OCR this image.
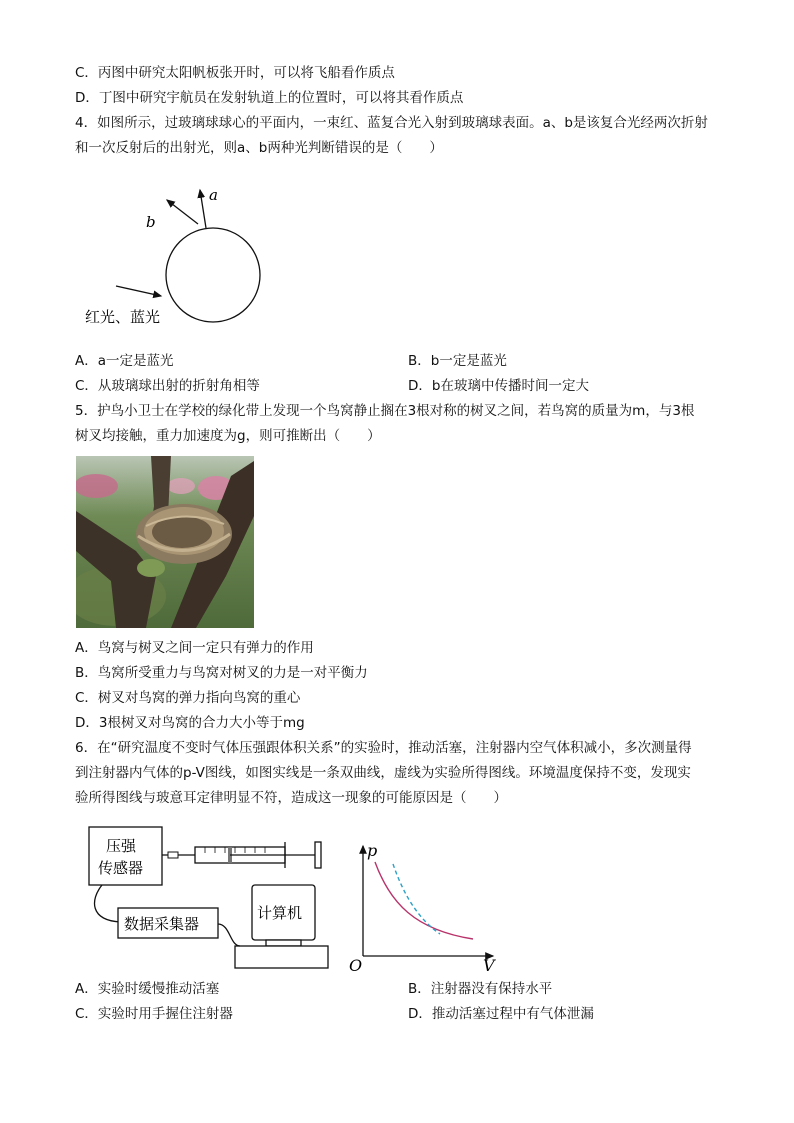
C．丙图中研究太阳帆板张开时，可以将飞船看作质点
D．丁图中研究宇航员在发射轨道上的位置时，可以将其看作质点
4．如图所示，过玻璃球球心的平面内，一束红、蓝复合光入射到玻璃球表面。a、b是该复合光经两次折射
和一次反射后的出射光，则a、b两种光判断错误的是（　　）
a
b
红光、蓝光
A．a一定是蓝光	B．b一定是蓝光
C．从玻璃球出射的折射角相等	D．b在玻璃中传播时间一定大
5．护鸟小卫士在学校的绿化带上发现一个鸟窝静止搁在3根对称的树叉之间，若鸟窝的质量为m，与3根
树叉均接触，重力加速度为g，则可推断出（　　）
A．鸟窝与树叉之间一定只有弹力的作用
B．鸟窝所受重力与鸟窝对树叉的力是一对平衡力
C．树叉对鸟窝的弹力指向鸟窝的重心
D．3根树叉对鸟窝的合力大小等于mg
6．在“研究温度不变时气体压强跟体积关系”的实验时，推动活塞，注射器内空气体积减小，多次测量得
到注射器内气体的p-V图线，如图实线是一条双曲线，虚线为实验所得图线。环境温度保持不变，发现实
验所得图线与玻意耳定律明显不符，造成这一现象的可能原因是（　　）
压强
传感器
数据采集器
计算机
p
V
O
A．实验时缓慢推动活塞	B．注射器没有保持水平
C．实验时用手握住注射器	D．推动活塞过程中有气体泄漏
